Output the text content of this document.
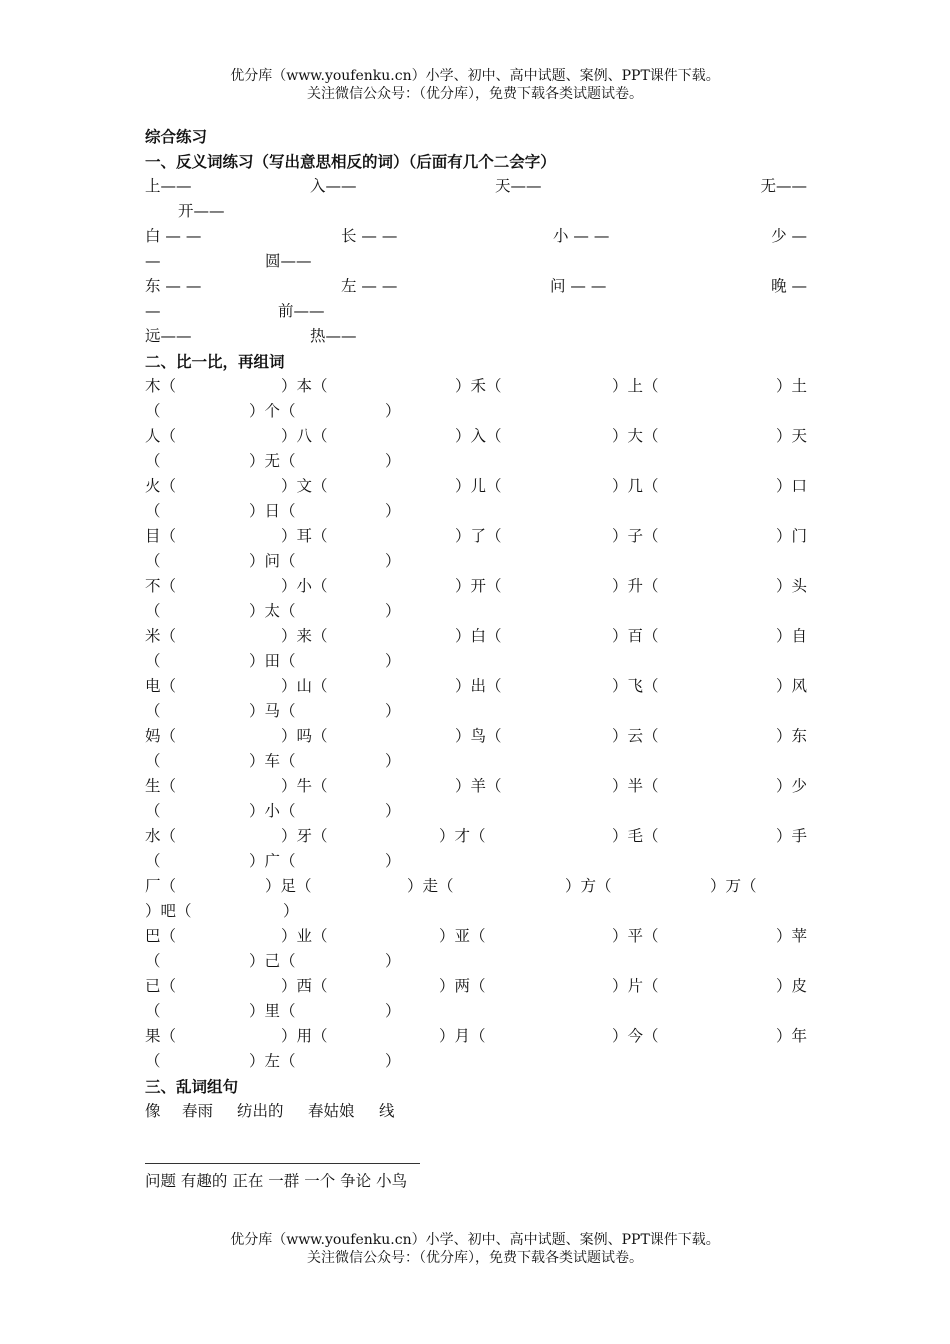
优分库（www.youfenku.cn）小学、初中、高中试题、案例、PPT课件下载。
关注微信公众号：（优分库），免费下载各类试题试卷。
综合练习
一、反义词练习（写出意思相反的词）（后面有几个二会字）
上——	入——	天——	无——
开——
白 — —	长 — —	小 — —	少 —
—	圆——
东 — —	左 — —	问 — —	晚 —
—	前——
远——	热——
二、比一比，再组词
木（	）本（	）禾（	）上（	）土
（	）个（	）
人（	）八（	）入（	）大（	）天
（	）无（	）
火（	）文（	）儿（	）几（	）口
（	）日（	）
目（	）耳（	）了（	）子（	）门
（	）问（	）
不（	）小（	）开（	）升（	）头
（	）太（	）
米（	）来（	）白（	）百（	）自
（	）田（	）
电（	）山（	）出（	）飞（	）风
（	）马（	）
妈（	）吗（	）鸟（	）云（	）东
（	）车（	）
生（	）牛（	）羊（	）半（	）少
（	）小（	）
水（	）牙（	）才（	）毛（	）手
（	）广（	）
厂（	）足（	）走（	）方（	）万（
）吧（	）
巴（	）业（	）亚（	）平（	）苹
（	）己（	）
已（	）西（	）两（	）片（	）皮
（	）里（	）
果（	）用（	）月（	）今（	）年
（	）左（	）
三、乱词组句
像 春雨 纺出的 春姑娘 线
问题 有趣的 正在 一群 一个 争论 小鸟
优分库（www.youfenku.cn）小学、初中、高中试题、案例、PPT课件下载。
关注微信公众号：（优分库），免费下载各类试题试卷。
